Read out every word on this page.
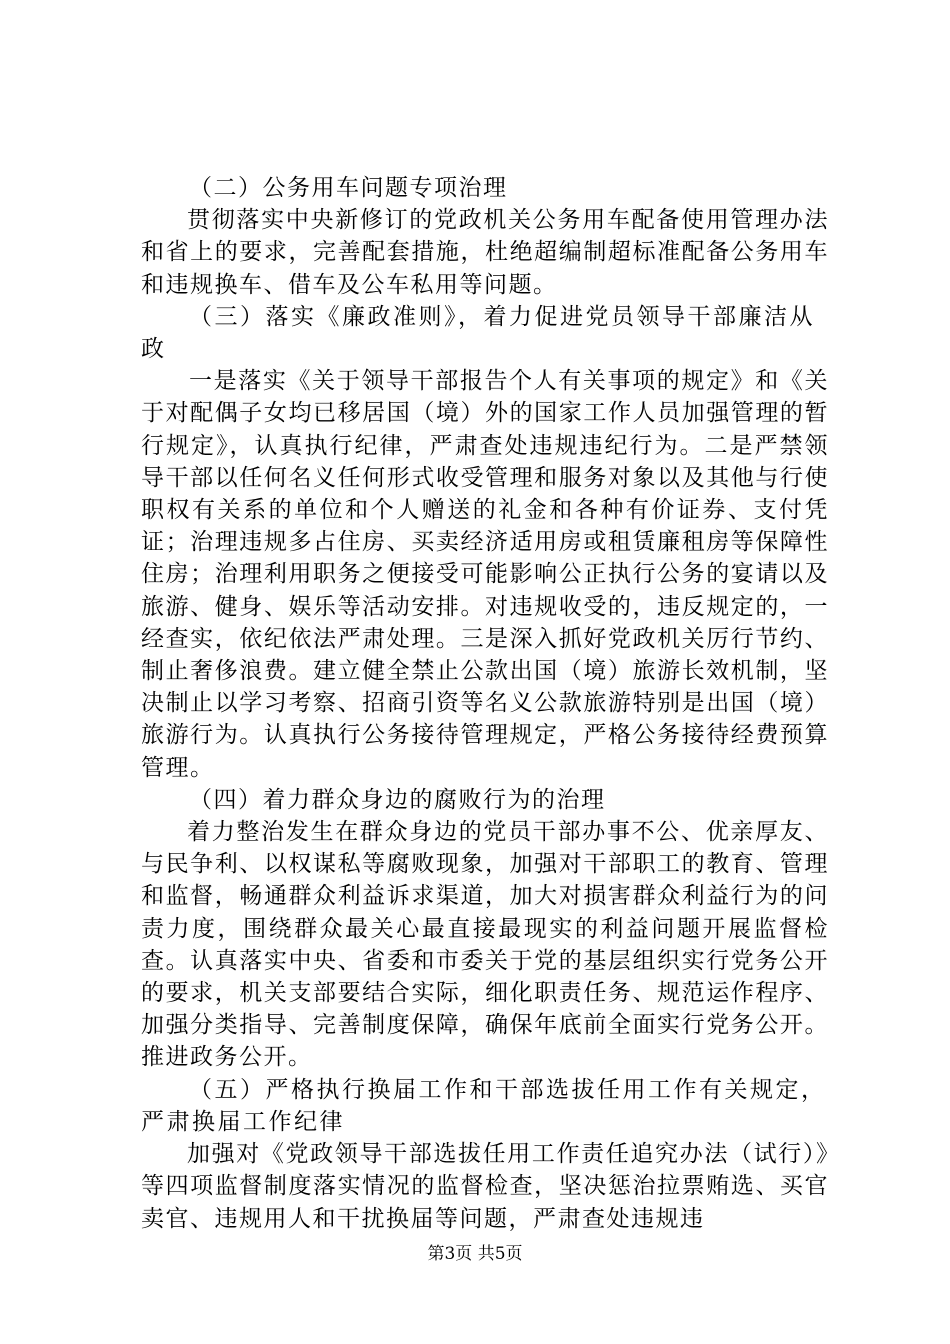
（二）公务用车问题专项治理

贯彻落实中央新修订的党政机关公务用车配备使用管理办法和省上的要求，完善配套措施，杜绝超编制超标准配备公务用车和违规换车、借车及公车私用等问题。

（三）落实《廉政准则》，着力促进党员领导干部廉洁从政

一是落实《关于领导干部报告个人有关事项的规定》和《关于对配偶子女均已移居国（境）外的国家工作人员加强管理的暂行规定》，认真执行纪律，严肃查处违规违纪行为。二是严禁领导干部以任何名义任何形式收受管理和服务对象以及其他与行使职权有关系的单位和个人赠送的礼金和各种有价证券、支付凭证；治理违规多占住房、买卖经济适用房或租赁廉租房等保障性住房；治理利用职务之便接受可能影响公正执行公务的宴请以及旅游、健身、娱乐等活动安排。对违规收受的，违反规定的，一经查实，依纪依法严肃处理。三是深入抓好党政机关厉行节约、制止奢侈浪费。建立健全禁止公款出国（境）旅游长效机制，坚决制止以学习考察、招商引资等名义公款旅游特别是出国（境）旅游行为。认真执行公务接待管理规定，严格公务接待经费预算管理。

（四）着力群众身边的腐败行为的治理

着力整治发生在群众身边的党员干部办事不公、优亲厚友、与民争利、以权谋私等腐败现象，加强对干部职工的教育、管理和监督，畅通群众利益诉求渠道，加大对损害群众利益行为的问责力度，围绕群众最关心最直接最现实的利益问题开展监督检查。认真落实中央、省委和市委关于党的基层组织实行党务公开的要求，机关支部要结合实际，细化职责任务、规范运作程序、加强分类指导、完善制度保障，确保年底前全面实行党务公开。推进政务公开。

（五）严格执行换届工作和干部选拔任用工作有关规定，严肃换届工作纪律

加强对《党政领导干部选拔任用工作责任追究办法（试行）》等四项监督制度落实情况的监督检查，坚决惩治拉票贿选、买官卖官、违规用人和干扰换届等问题，严肃查处违规违

第3页 共5页
